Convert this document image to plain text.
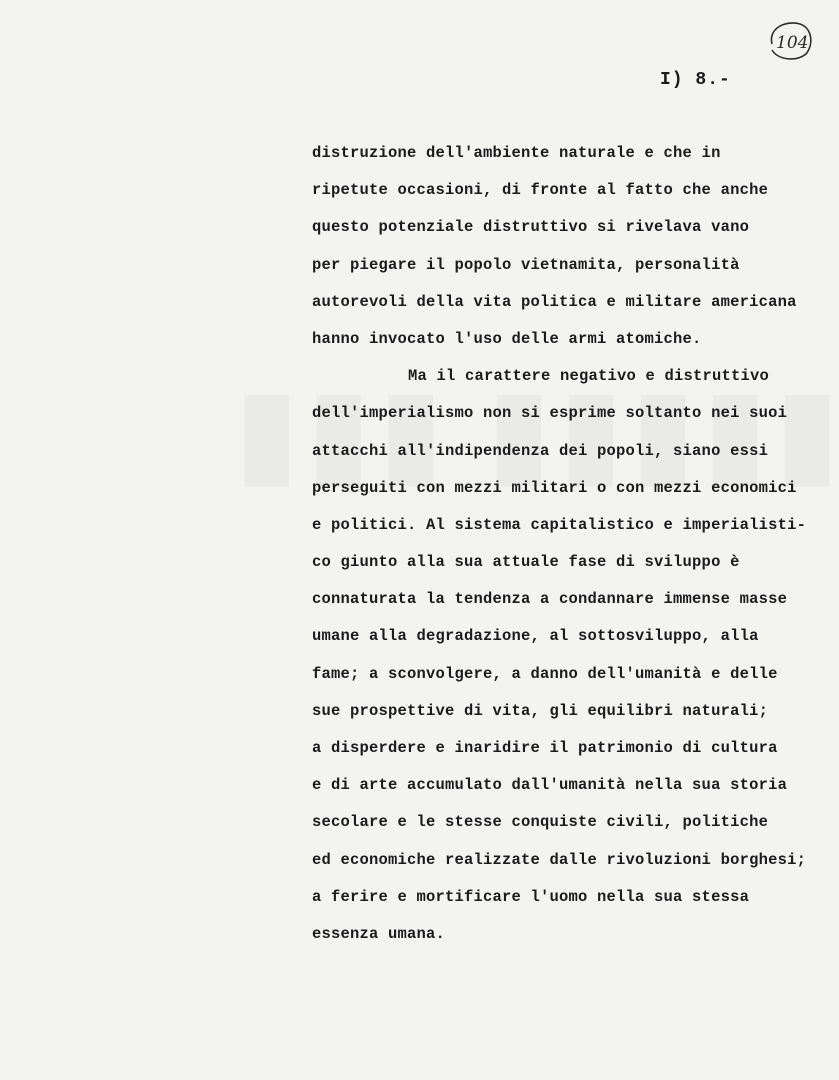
104
I) 8.-
distruzione dell'ambiente naturale e che in
ripetute occasioni, di fronte al fatto che anche
questo potenziale distruttivo si rivelava vano
per piegare il popolo vietnamita, personalità
autorevoli della vita politica e militare americana
hanno invocato l'uso delle armi atomiche.
Ma il carattere negativo e distruttivo
dell'imperialismo non si esprime soltanto nei suoi
attacchi all'indipendenza dei popoli, siano essi
perseguiti con mezzi militari o con mezzi economici
e politici. Al sistema capitalistico e imperialisti-
co giunto alla sua attuale fase di sviluppo è
connaturata la tendenza a condannare immense masse
umane alla degradazione, al sottosviluppo, alla
fame; a sconvolgere, a danno dell'umanità e delle
sue prospettive di vita, gli equilibri naturali;
a disperdere e inaridire il patrimonio di cultura
e di arte accumulato dall'umanità nella sua storia
secolare e le stesse conquiste civili, politiche
ed economiche realizzate dalle rivoluzioni borghesi;
a ferire e mortificare l'uomo nella sua stessa
essenza umana.
